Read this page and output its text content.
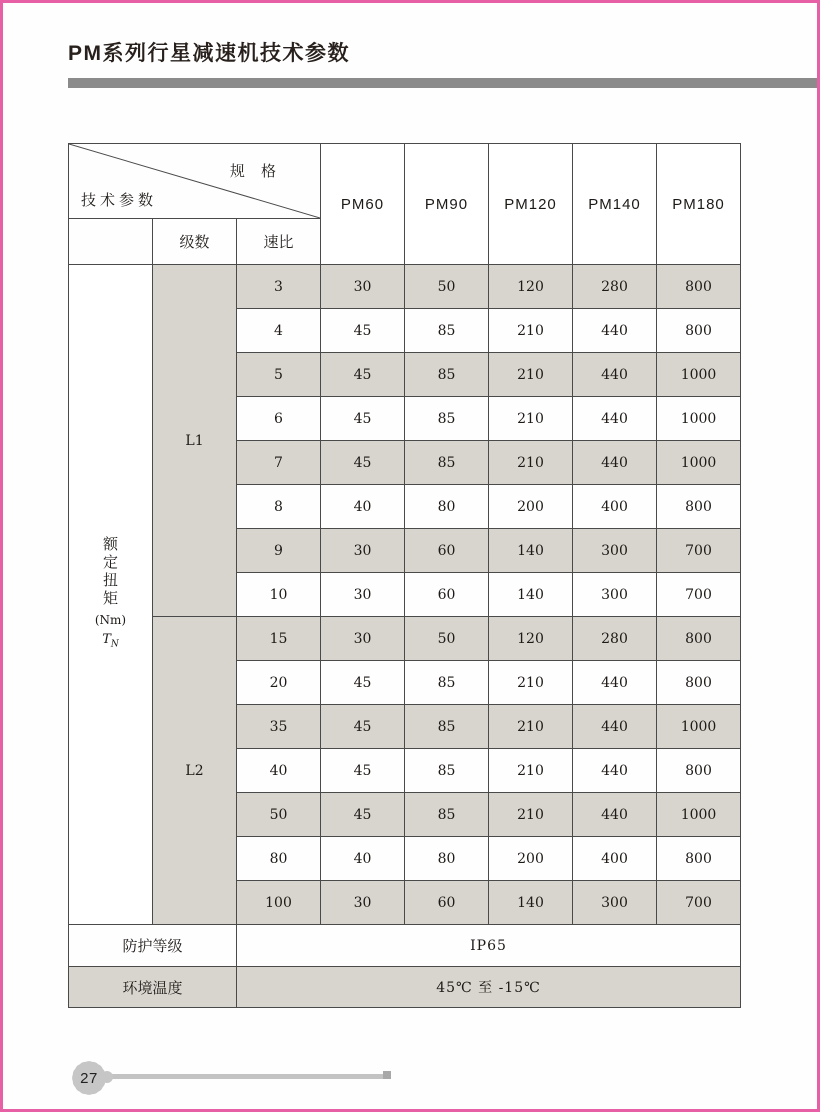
PM系列行星减速机技术参数
规 格
技术参数			PM60	PM90	PM120	PM140	PM180
	级数	速比					

额
定
扭
矩
(Nm)
$T_N$
	L1	3	30	50	120	280	800
		4	45	85	210	440	800
		5	45	85	210	440	1000
		6	45	85	210	440	1000
		7	45	85	210	440	1000
		8	40	80	200	400	800
		9	30	60	140	300	700
		10	30	60	140	300	700
	L2	15	30	50	120	280	800
		20	45	85	210	440	800
		35	45	85	210	440	1000
		40	45	85	210	440	800
		50	45	85	210	440	1000
		80	40	80	200	400	800
		100	30	60	140	300	700
防护等级		IP65					
环境温度		45℃ 至 -15℃					
27
